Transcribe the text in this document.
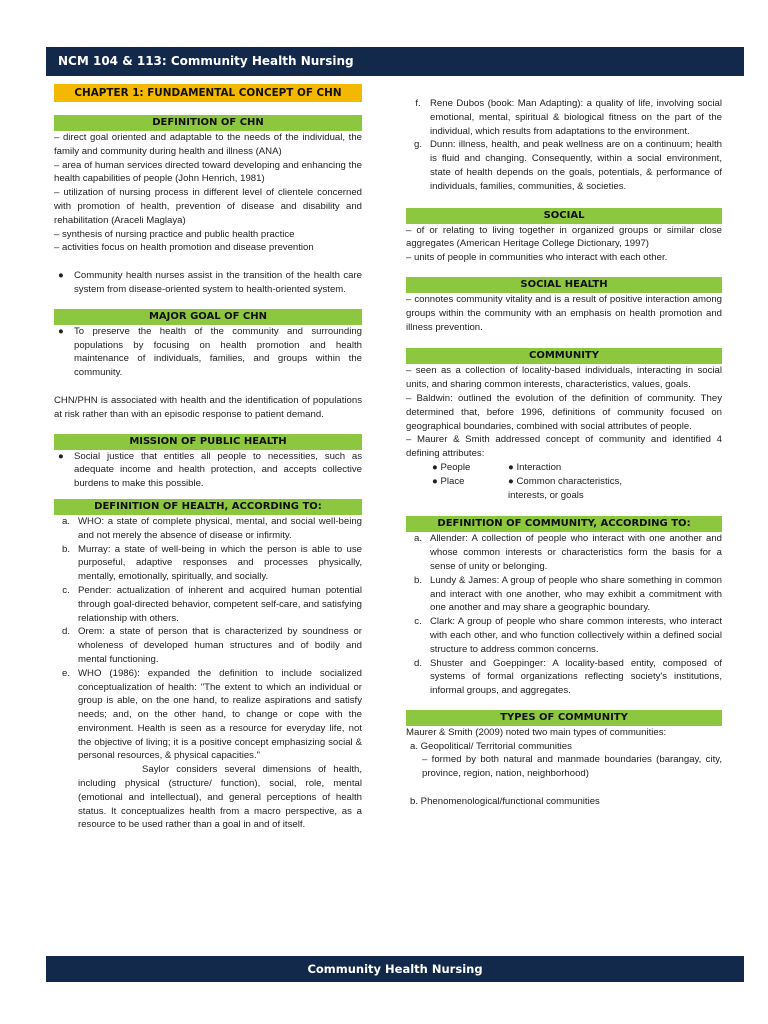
NCM 104 & 113: Community Health Nursing
CHAPTER 1: FUNDAMENTAL CONCEPT OF CHN
DEFINITION OF CHN

– direct goal oriented and adaptable to the needs of the individual, the family and community during health and illness (ANA)

– area of human services directed toward developing and enhancing the health capabilities of people (John Henrich, 1981)

– utilization of nursing process in different level of clientele concerned with promotion of health, prevention of disease and disability and rehabilitation (Araceli Maglaya)

– synthesis of nursing practice and public health practice

– activities focus on health promotion and disease prevention

●	Community health nurses assist in the transition of the health care system from disease-oriented system to health-oriented system.
MAJOR GOAL OF CHN
●	To preserve the health of the community and surrounding populations by focusing on health promotion and health maintenance of individuals, families, and groups within the community.

CHN/PHN is associated with health and the identification of populations at risk rather than with an episodic response to patient demand.

MISSION OF PUBLIC HEALTH
●	Social justice that entitles all people to necessities, such as adequate income and health protection, and accepts collective burdens to make this possible.
DEFINITION OF HEALTH, ACCORDING TO:
a. WHO: a state of complete physical, mental, and social well-being and not merely the absence of disease or infirmity.
b. Murray: a state of well-being in which the person is able to use purposeful, adaptive responses and processes physically, mentally, emotionally, spiritually, and socially.
c. Pender: actualization of inherent and acquired human potential through goal-directed behavior, competent self-care, and satisfying relationship with others.
d. Orem: a state of person that is characterized by soundness or wholeness of developed human structures and of bodily and mental functioning.
e. WHO (1986): expanded the definition to include socialized conceptualization of health: "The extent to which an individual or group is able, on the one hand, to realize aspirations and satisfy needs; and, on the other hand, to change or cope with the environment. Health is seen as a resource for everyday life, not the objective of living; it is a positive concept emphasizing social & personal resources, & physical capacities."
Saylor considers several dimensions of health, including physical (structure/ function), social, role, mental (emotional and intellectual), and general perceptions of health status. It conceptualizes health from a macro perspective, as a resource to be used rather than a goal in and of itself.
f. Rene Dubos (book: Man Adapting): a quality of life, involving social emotional, mental, spiritual & biological fitness on the part of the individual, which results from adaptations to the environment.
g. Dunn: illness, health, and peak wellness are on a continuum; health is fluid and changing. Consequently, within a social environment, state of health depends on the goals, potentials, & performance of individuals, families, communities, & societies.
SOCIAL

– of or relating to living together in organized groups or similar close aggregates (American Heritage College Dictionary, 1997)

– units of people in communities who interact with each other.

SOCIAL HEALTH

– connotes community vitality and is a result of positive interaction among groups within the community with an emphasis on health promotion and illness prevention.

COMMUNITY

– seen as a collection of locality-based individuals, interacting in social units, and sharing common interests, characteristics, values, goals.

– Baldwin: outlined the evolution of the definition of community. They determined that, before 1996, definitions of community focused on geographical boundaries, combined with social attributes of people.

– Maurer & Smith addressed concept of community and identified 4 defining attributes:

● People	● Interaction
● Place	● Common characteristics, interests, or goals
DEFINITION OF COMMUNITY, ACCORDING TO:
a. Allender: A collection of people who interact with one another and whose common interests or characteristics form the basis for a sense of unity or belonging.
b. Lundy & James: A group of people who share something in common and interact with one another, who may exhibit a commitment with one another and may share a geographic boundary.
c. Clark: A group of people who share common interests, who interact with each other, and who function collectively within a defined social structure to address common concerns.
d. Shuster and Goeppinger: A locality-based entity, composed of systems of formal organizations reflecting society's institutions, informal groups, and aggregates.
TYPES OF COMMUNITY

Maurer & Smith (2009) noted two main types of communities:

a. Geopolitical/ Territorial communities

– formed by both natural and manmade boundaries (barangay, city, province, region, nation, neighborhood)

b. Phenomenological/functional communities

Community Health Nursing
